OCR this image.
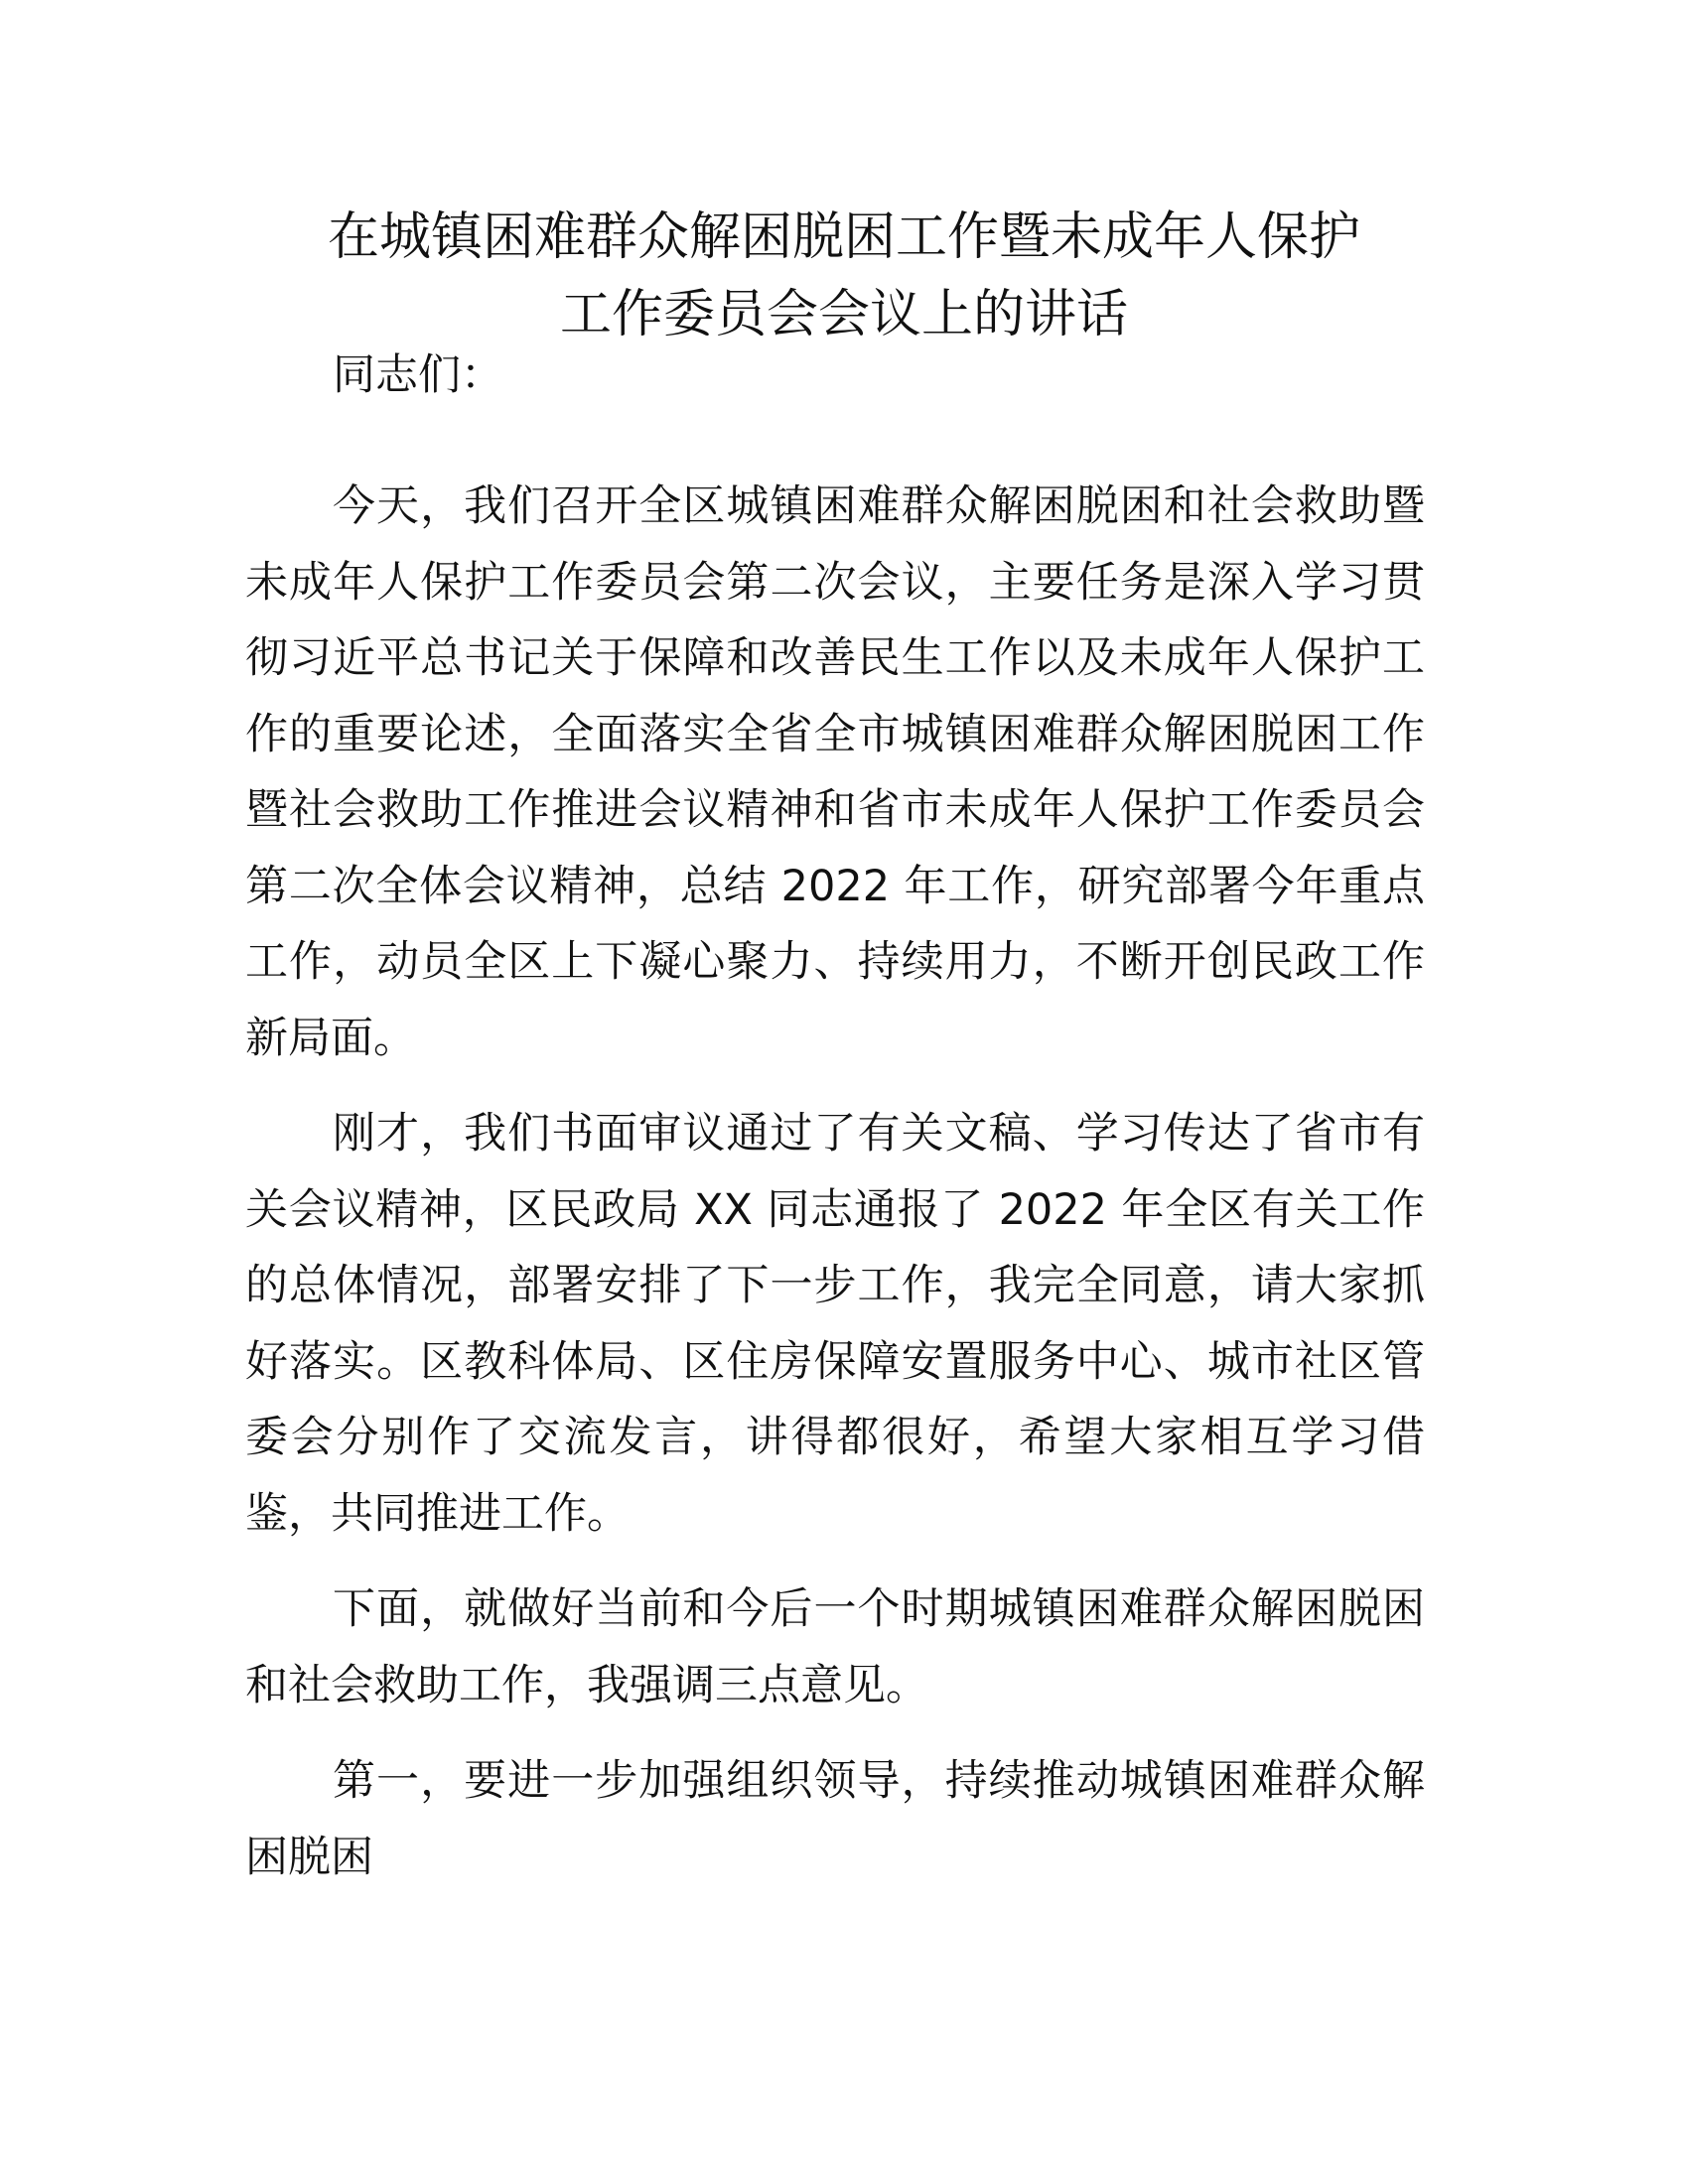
在城镇困难群众解困脱困工作暨未成年人保护
工作委员会会议上的讲话
同志们：
今天，我们召开全区城镇困难群众解困脱困和社会救助暨
未成年人保护工作委员会第二次会议，主要任务是深入学习贯
彻习近平总书记关于保障和改善民生工作以及未成年人保护工
作的重要论述，全面落实全省全市城镇困难群众解困脱困工作
暨社会救助工作推进会议精神和省市未成年人保护工作委员会
第二次全体会议精神，总结 2022 年工作，研究部署今年重点
工作，动员全区上下凝心聚力、持续用力，不断开创民政工作
新局面。
刚才，我们书面审议通过了有关文稿、学习传达了省市有
关会议精神，区民政局 XX 同志通报了 2022 年全区有关工作
的总体情况，部署安排了下一步工作，我完全同意，请大家抓
好落实。区教科体局、区住房保障安置服务中心、城市社区管
委会分别作了交流发言，讲得都很好，希望大家相互学习借
鉴，共同推进工作。
下面，就做好当前和今后一个时期城镇困难群众解困脱困
和社会救助工作，我强调三点意见。
第一，要进一步加强组织领导，持续推动城镇困难群众解
困脱困
